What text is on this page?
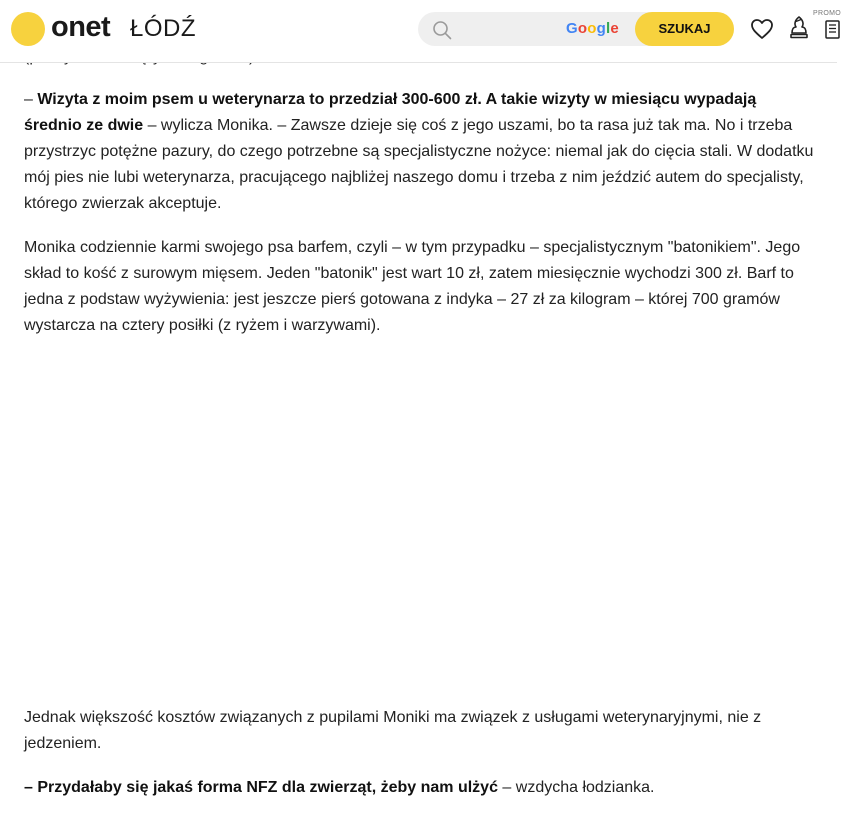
– Wizyta z moim psem u weterynarza to przedział 300-600 zł. A takie wizyty w miesiącu wypadają średnio ze dwie – wylicza Monika. – Zawsze dzieje się coś z jego uszami, bo ta rasa już tak ma. No i trzeba przystrzyc potężne pazury, do czego potrzebne są specjalistyczne nożyce: niemal jak do cięcia stali. W dodatku mój pies nie lubi weterynarza, pracującego najbliżej naszego domu i trzeba z nim jeździć autem do specjalisty, którego zwierzak akceptuje.

Monika codziennie karmi swojego psa barfem, czyli – w tym przypadku – specjalistycznym "batonikiem". Jego skład to kość z surowym mięsem. Jeden "batonik" jest wart 10 zł, zatem miesięcznie wychodzi 300 zł. Barf to jedna z podstaw wyżywienia: jest jeszcze pierś gotowana z indyka – 27 zł za kilogram – której 700 gramów wystarcza na cztery posiłki (z ryżem i warzywami).

Jednak większość kosztów związanych z pupilami Moniki ma związek z usługami weterynaryjnymi, nie z jedzeniem.

– Przydałaby się jakaś forma NFZ dla zwierząt, żeby nam ulżyć – wzdycha łodzianka.

onet ŁÓDŹ	Google	SZUKAJ
PROMO
